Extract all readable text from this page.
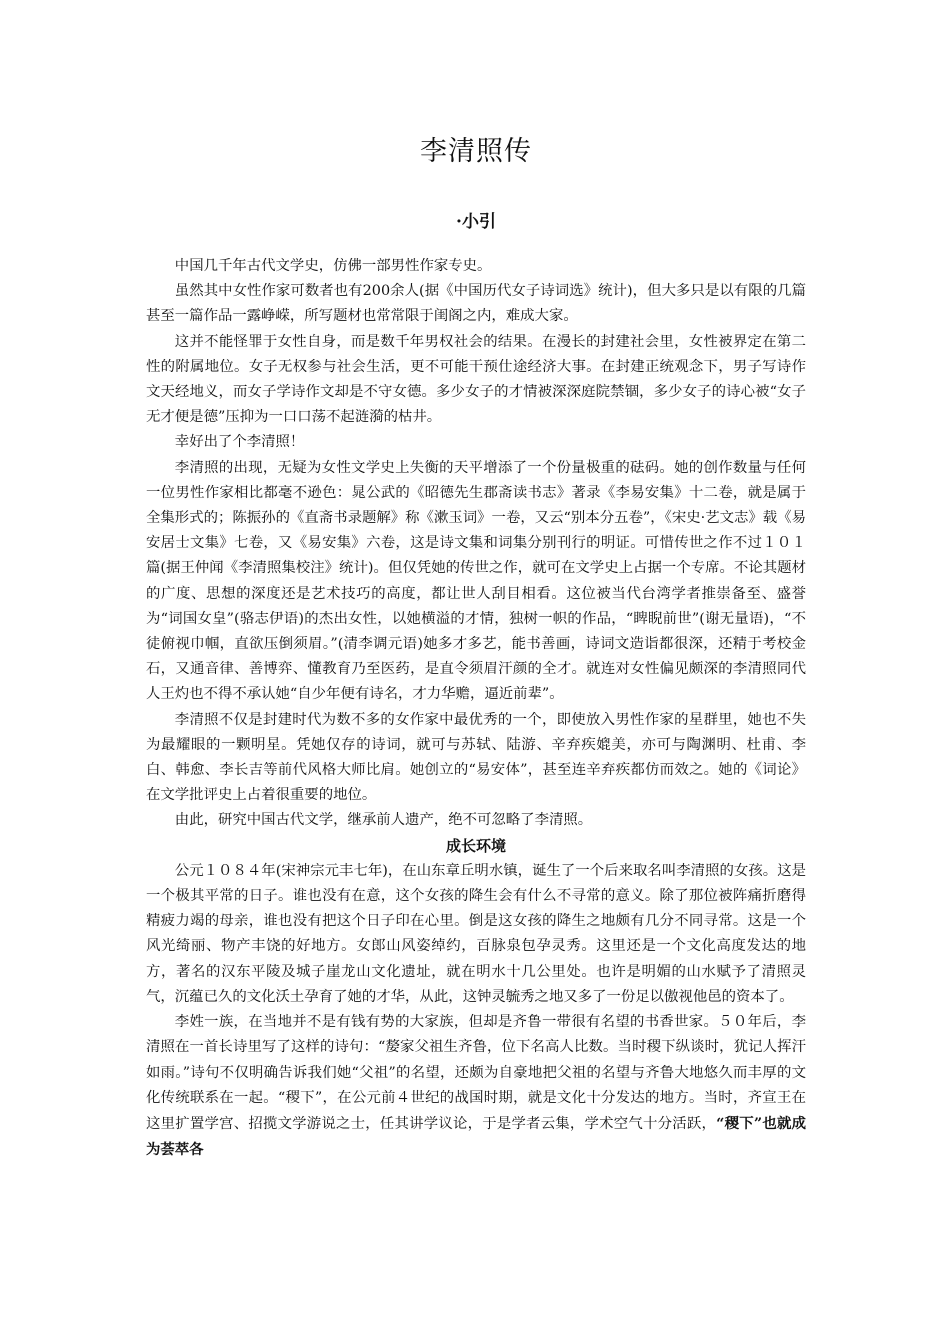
李清照传
·小引

中国几千年古代文学史，仿佛一部男性作家专史。

虽然其中女性作家可数者也有200余人(据《中国历代女子诗词选》统计)，但大多只是以有限的几篇甚至一篇作品一露峥嵘，所写题材也常常限于闺阁之内，难成大家。

这并不能怪罪于女性自身，而是数千年男权社会的结果。在漫长的封建社会里，女性被界定在第二性的附属地位。女子无权参与社会生活，更不可能干预仕途经济大事。在封建正统观念下，男子写诗作文天经地义，而女子学诗作文却是不守女德。多少女子的才情被深深庭院禁锢，多少女子的诗心被“女子无才便是德”压抑为一口口荡不起涟漪的枯井。

幸好出了个李清照！

李清照的出现，无疑为女性文学史上失衡的天平增添了一个份量极重的砝码。她的创作数量与任何一位男性作家相比都毫不逊色：晁公武的《昭德先生郡斋读书志》著录《李易安集》十二卷，就是属于全集形式的；陈振孙的《直斋书录题解》称《漱玉词》一卷，又云“别本分五卷”，《宋史·艺文志》载《易安居士文集》七卷，又《易安集》六卷，这是诗文集和词集分别刊行的明证。可惜传世之作不过１０１篇(据王仲闻《李清照集校注》统计)。但仅凭她的传世之作，就可在文学史上占据一个专席。不论其题材的广度、思想的深度还是艺术技巧的高度，都让世人刮目相看。这位被当代台湾学者推崇备至、盛誉为“词国女皇”(骆志伊语)的杰出女性，以她横溢的才情，独树一帜的作品，“睥睨前世”(谢无量语)，“不徒俯视巾帼，直欲压倒须眉。”(清李调元语)她多才多艺，能书善画，诗词文造诣都很深，还精于考校金石，又通音律、善博弈、懂教育乃至医药，是直令须眉汗颜的全才。就连对女性偏见颇深的李清照同代人王灼也不得不承认她“自少年便有诗名，才力华赡，逼近前辈”。

李清照不仅是封建时代为数不多的女作家中最优秀的一个，即使放入男性作家的星群里，她也不失为最耀眼的一颗明星。凭她仅存的诗词，就可与苏轼、陆游、辛弃疾媲美，亦可与陶渊明、杜甫、李白、韩愈、李长吉等前代风格大师比肩。她创立的“易安体”，甚至连辛弃疾都仿而效之。她的《词论》在文学批评史上占着很重要的地位。

由此，研究中国古代文学，继承前人遗产，绝不可忽略了李清照。

成长环境

公元１０８４年(宋神宗元丰七年)，在山东章丘明水镇，诞生了一个后来取名叫李清照的女孩。这是一个极其平常的日子。谁也没有在意，这个女孩的降生会有什么不寻常的意义。除了那位被阵痛折磨得精疲力竭的母亲，谁也没有把这个日子印在心里。倒是这女孩的降生之地颇有几分不同寻常。这是一个风光绮丽、物产丰饶的好地方。女郎山风姿绰约，百脉泉包孕灵秀。这里还是一个文化高度发达的地方，著名的汉东平陵及城子崖龙山文化遗址，就在明水十几公里处。也许是明媚的山水赋予了清照灵气，沉蕴已久的文化沃土孕育了她的才华，从此，这钟灵毓秀之地又多了一份足以傲视他邑的资本了。

李姓一族，在当地并不是有钱有势的大家族，但却是齐鲁一带很有名望的书香世家。５０年后，李清照在一首长诗里写了这样的诗句：“嫠家父祖生齐鲁，位下名高人比数。当时稷下纵谈时，犹记人挥汗如雨。”诗句不仅明确告诉我们她“父祖”的名望，还颇为自豪地把父祖的名望与齐鲁大地悠久而丰厚的文化传统联系在一起。“稷下”，在公元前４世纪的战国时期，就是文化十分发达的地方。当时，齐宣王在这里扩置学宫、招揽文学游说之士，任其讲学议论，于是学者云集，学术空气十分活跃，“稷下”也就成为荟萃各
